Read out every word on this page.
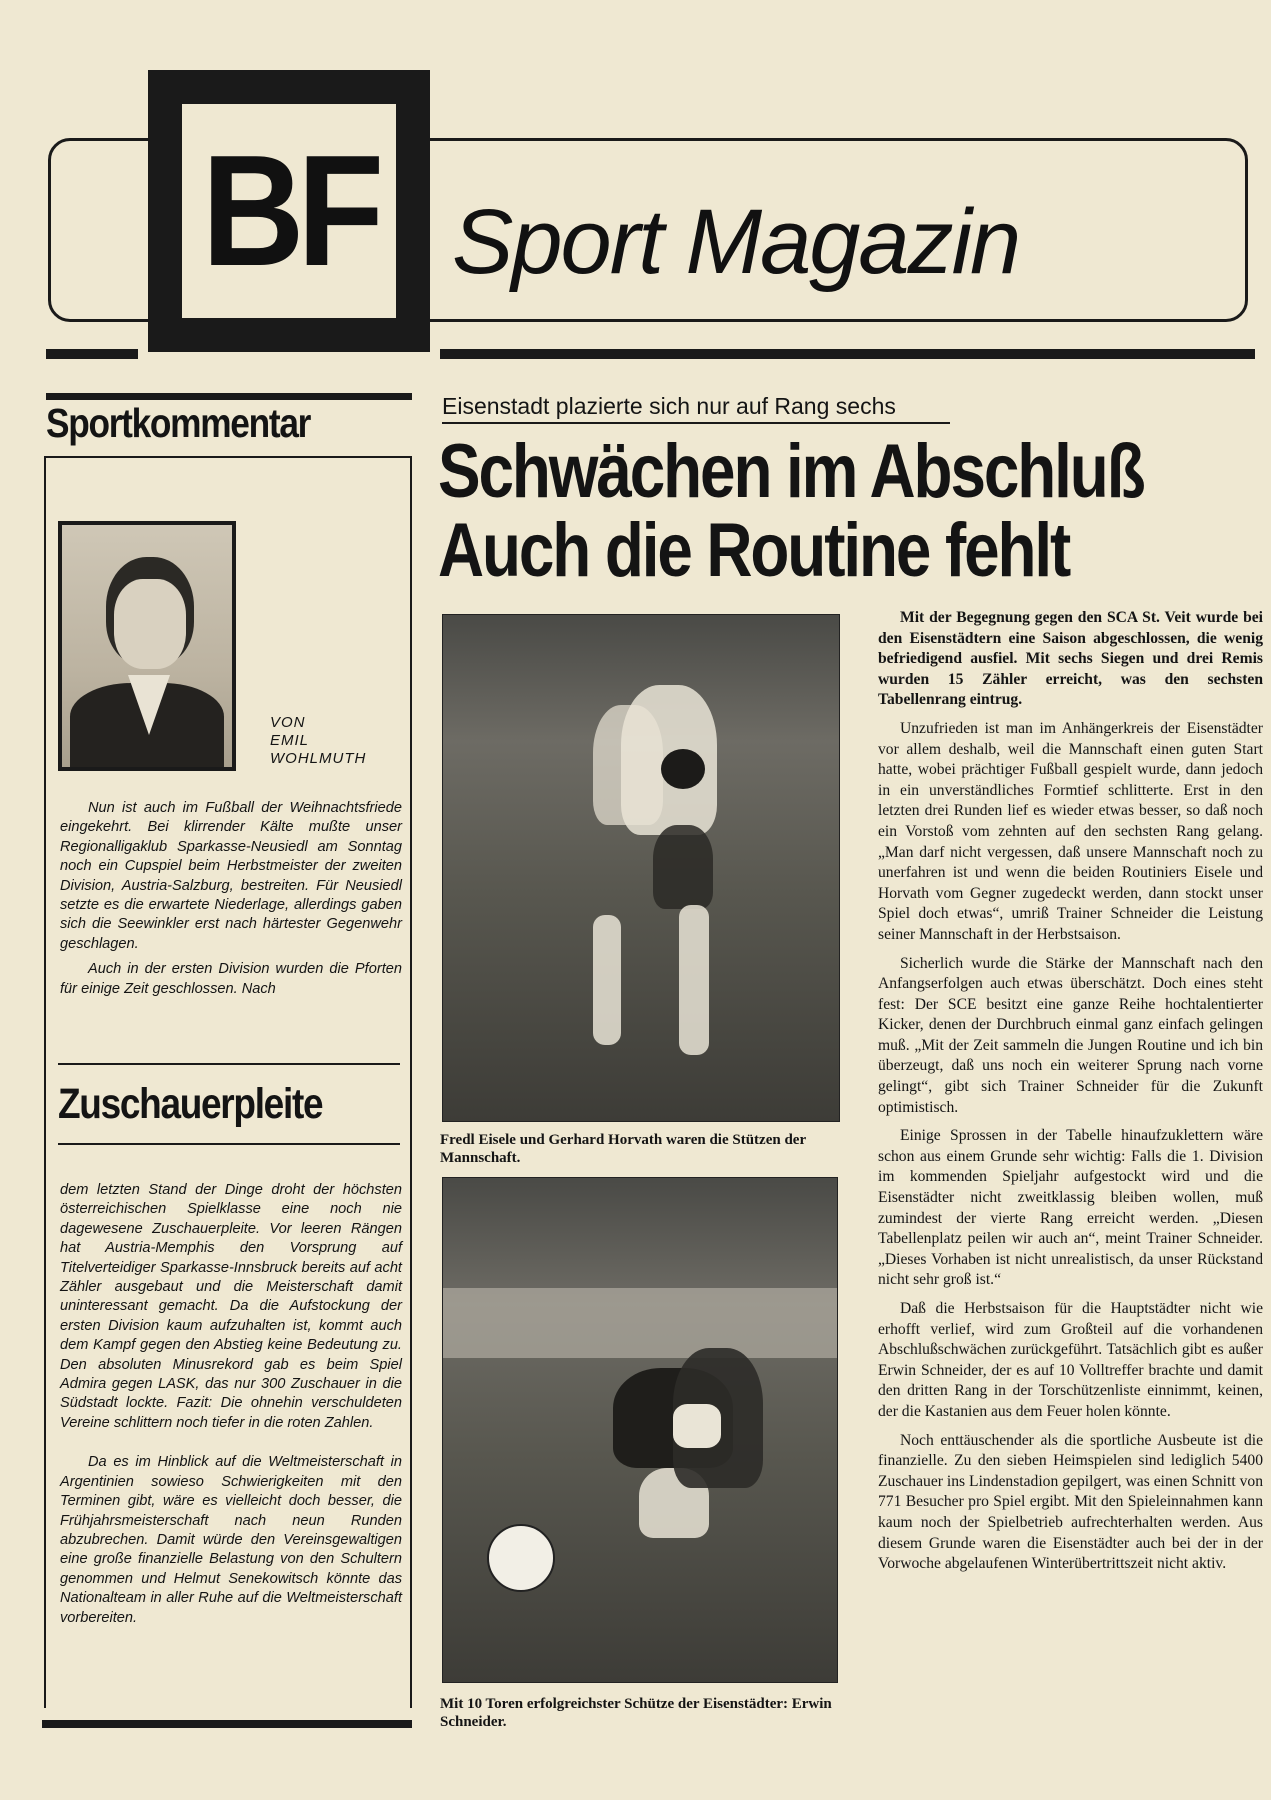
BF Sport Magazin
Sportkommentar
VON
EMIL
WOHLMUTH

Nun ist auch im Fußball der Weihnachtsfriede eingekehrt. Bei klirrender Kälte mußte unser Regionalligaklub Sparkasse-Neusiedl am Sonntag noch ein Cupspiel beim Herbstmeister der zweiten Division, Austria-Salzburg, bestreiten. Für Neusiedl setzte es die erwartete Niederlage, allerdings gaben sich die Seewinkler erst nach härtester Gegenwehr geschlagen.

Auch in der ersten Division wurden die Pforten für einige Zeit geschlossen. Nach

Zuschauerpleite

dem letzten Stand der Dinge droht der höchsten österreichischen Spielklasse eine noch nie dagewesene Zuschauerpleite. Vor leeren Rängen hat Austria-Memphis den Vorsprung auf Titelverteidiger Sparkasse-Innsbruck bereits auf acht Zähler ausgebaut und die Meisterschaft damit uninteressant gemacht. Da die Aufstockung der ersten Division kaum aufzuhalten ist, kommt auch dem Kampf gegen den Abstieg keine Bedeutung zu. Den absoluten Minusrekord gab es beim Spiel Admira gegen LASK, das nur 300 Zuschauer in die Südstadt lockte. Fazit: Die ohnehin verschuldeten Vereine schlittern noch tiefer in die roten Zahlen.

Da es im Hinblick auf die Weltmeisterschaft in Argentinien sowieso Schwierigkeiten mit den Terminen gibt, wäre es vielleicht doch besser, die Frühjahrsmeisterschaft nach neun Runden abzubrechen. Damit würde den Vereinsgewaltigen eine große finanzielle Belastung von den Schultern genommen und Helmut Senekowitsch könnte das Nationalteam in aller Ruhe auf die Weltmeisterschaft vorbereiten.

Eisenstadt plazierte sich nur auf Rang sechs
Schwächen im Abschluß
Auch die Routine fehlt
Fredl Eisele und Gerhard Horvath waren die Stützen der Mannschaft.
Mit 10 Toren erfolgreichster Schütze der Eisenstädter: Erwin Schneider.

Mit der Begegnung gegen den SCA St. Veit wurde bei den Eisenstädtern eine Saison abgeschlossen, die wenig befriedigend ausfiel. Mit sechs Siegen und drei Remis wurden 15 Zähler erreicht, was den sechsten Tabellenrang eintrug.

Unzufrieden ist man im Anhängerkreis der Eisenstädter vor allem deshalb, weil die Mannschaft einen guten Start hatte, wobei prächtiger Fußball gespielt wurde, dann jedoch in ein unverständliches Formtief schlitterte. Erst in den letzten drei Runden lief es wieder etwas besser, so daß noch ein Vorstoß vom zehnten auf den sechsten Rang gelang. „Man darf nicht vergessen, daß unsere Mannschaft noch zu unerfahren ist und wenn die beiden Routiniers Eisele und Horvath vom Gegner zugedeckt werden, dann stockt unser Spiel doch etwas“, umriß Trainer Schneider die Leistung seiner Mannschaft in der Herbstsaison.

Sicherlich wurde die Stärke der Mannschaft nach den Anfangserfolgen auch etwas überschätzt. Doch eines steht fest: Der SCE besitzt eine ganze Reihe hochtalentierter Kicker, denen der Durchbruch einmal ganz einfach gelingen muß. „Mit der Zeit sammeln die Jungen Routine und ich bin überzeugt, daß uns noch ein weiterer Sprung nach vorne gelingt“, gibt sich Trainer Schneider für die Zukunft optimistisch.

Einige Sprossen in der Tabelle hinaufzuklettern wäre schon aus einem Grunde sehr wichtig: Falls die 1. Division im kommenden Spieljahr aufgestockt wird und die Eisenstädter nicht zweitklassig bleiben wollen, muß zumindest der vierte Rang erreicht werden. „Diesen Tabellenplatz peilen wir auch an“, meint Trainer Schneider. „Dieses Vorhaben ist nicht unrealistisch, da unser Rückstand nicht sehr groß ist.“

Daß die Herbstsaison für die Hauptstädter nicht wie erhofft verlief, wird zum Großteil auf die vorhandenen Abschlußschwächen zurückgeführt. Tatsächlich gibt es außer Erwin Schneider, der es auf 10 Volltreffer brachte und damit den dritten Rang in der Torschützenliste einnimmt, keinen, der die Kastanien aus dem Feuer holen könnte.

Noch enttäuschender als die sportliche Ausbeute ist die finanzielle. Zu den sieben Heimspielen sind lediglich 5400 Zuschauer ins Lindenstadion gepilgert, was einen Schnitt von 771 Besucher pro Spiel ergibt. Mit den Spieleinnahmen kann kaum noch der Spielbetrieb aufrechterhalten werden. Aus diesem Grunde waren die Eisenstädter auch bei der in der Vorwoche abgelaufenen Winterübertrittszeit nicht aktiv.
